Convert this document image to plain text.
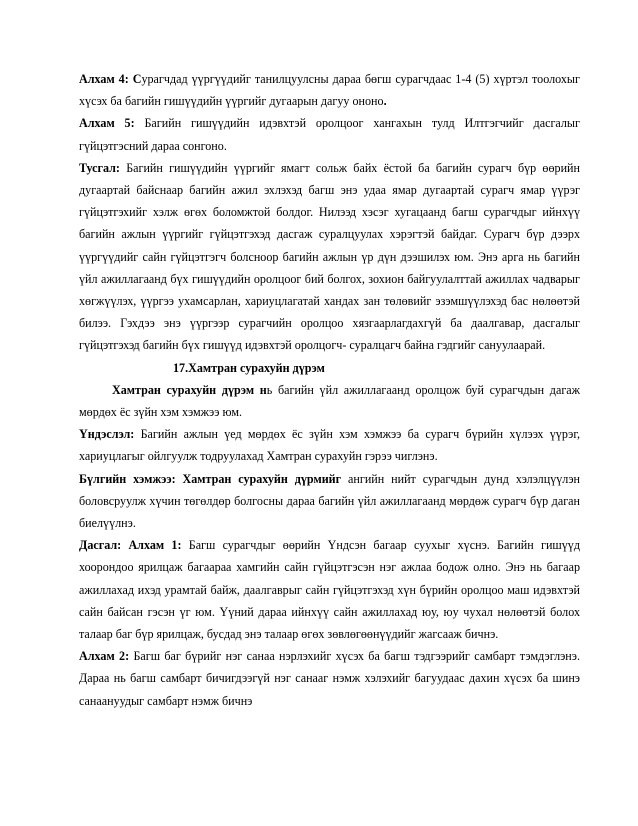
Алхам 4: Сурагчдад үүргүүдийг танилцуулсны дараа бөгш сурагчдаас 1-4 (5) хүртэл тоолохыг хүсэх ба багийн гишүүдийн үүргийг дугаарын дагуу ононо.

Алхам 5: Багийн гишүүдийн идэвхтэй оролцоог хангахын тулд Илтгэгчийг дасгалыг гүйцэтгэсний дараа сонгоно.

Тусгал: Багийн гишүүдийн үүргийг ямагт сольж байх ёстой ба багийн сурагч бүр өөрийн дугаартай байснаар багийн ажил эхлэхэд багш энэ удаа ямар дугаартай сурагч ямар үүрэг гүйцэтгэхийг хэлж өгөх боломжтой болдог. Нилээд хэсэг хугацаанд багш сурагчдыг ийнхүү багийн ажлын үүргийг гүйцэтгэхэд дасгаж суралцуулах хэрэгтэй байдаг. Сурагч бүр дээрх үүргүүдийг сайн гүйцэтгэгч болсноор багийн ажлын үр дүн дээшилэх юм. Энэ арга нь багийн үйл ажиллагаанд бүх гишүүдийн оролцоог бий болгох, зохион байгуулалттай ажиллах чадварыг хөгжүүлэх, үүргээ ухамсарлан, хариуцлагатай хандах зан төлөвийг эзэмшүүлэхэд бас нөлөөтэй билээ. Гэхдээ энэ үүргээр сурагчийн оролцоо хязгаарлагдахгүй ба даалгавар, дасгалыг гүйцэтгэхэд багийн бүх гишүүд идэвхтэй оролцогч- суралцагч байна гэдгийг сануулаарай.

17.Хамтран сурахуйн дүрэм

Хамтран сурахуйн дүрэм нь багийн үйл ажиллагаанд оролцож буй сурагчдын дагаж мөрдөх ёс зүйн хэм хэмжээ юм.

Үндэслэл: Багийн ажлын үед мөрдөх ёс зүйн хэм хэмжээ ба сурагч бүрийн хүлээх үүрэг, хариуцлагыг ойлгуулж тодруулахад Хамтран сурахуйн гэрээ чиглэнэ.

Бүлгийн хэмжээ: Хамтран сурахуйн дүрмийг ангийн нийт сурагчдын дунд хэлэлцүүлэн боловсруулж хүчин төгөлдөр болгосны дараа багийн үйл ажиллагаанд мөрдөж сурагч бүр даган биелүүлнэ.

Дасгал: Алхам 1: Багш сурагчдыг өөрийн Үндсэн багаар суухыг хүснэ. Багийн гишүүд хоорондоо ярилцаж багаараа хамгийн сайн гүйцэтгэсэн нэг ажлаа бодож олно. Энэ нь багаар ажиллахад ихэд урамтай байж, даалгаврыг сайн гүйцэтгэхэд хүн бүрийн оролцоо маш идэвхтэй сайн байсан гэсэн үг юм. Үүний дараа ийнхүү сайн ажиллахад юу, юу чухал нөлөөтэй болох талаар баг бүр ярилцаж, бусдад энэ талаар өгөх зөвлөгөөнүүдийг жагсааж бичнэ.

Алхам 2: Багш баг бүрийг нэг санаа нэрлэхийг хүсэх ба багш тэдгээрийг самбарт тэмдэглэнэ. Дараа нь багш самбарт бичигдээгүй нэг санааг нэмж хэлэхийг багуудаас дахин хүсэх ба шинэ санаануудыг самбарт нэмж бичнэ
